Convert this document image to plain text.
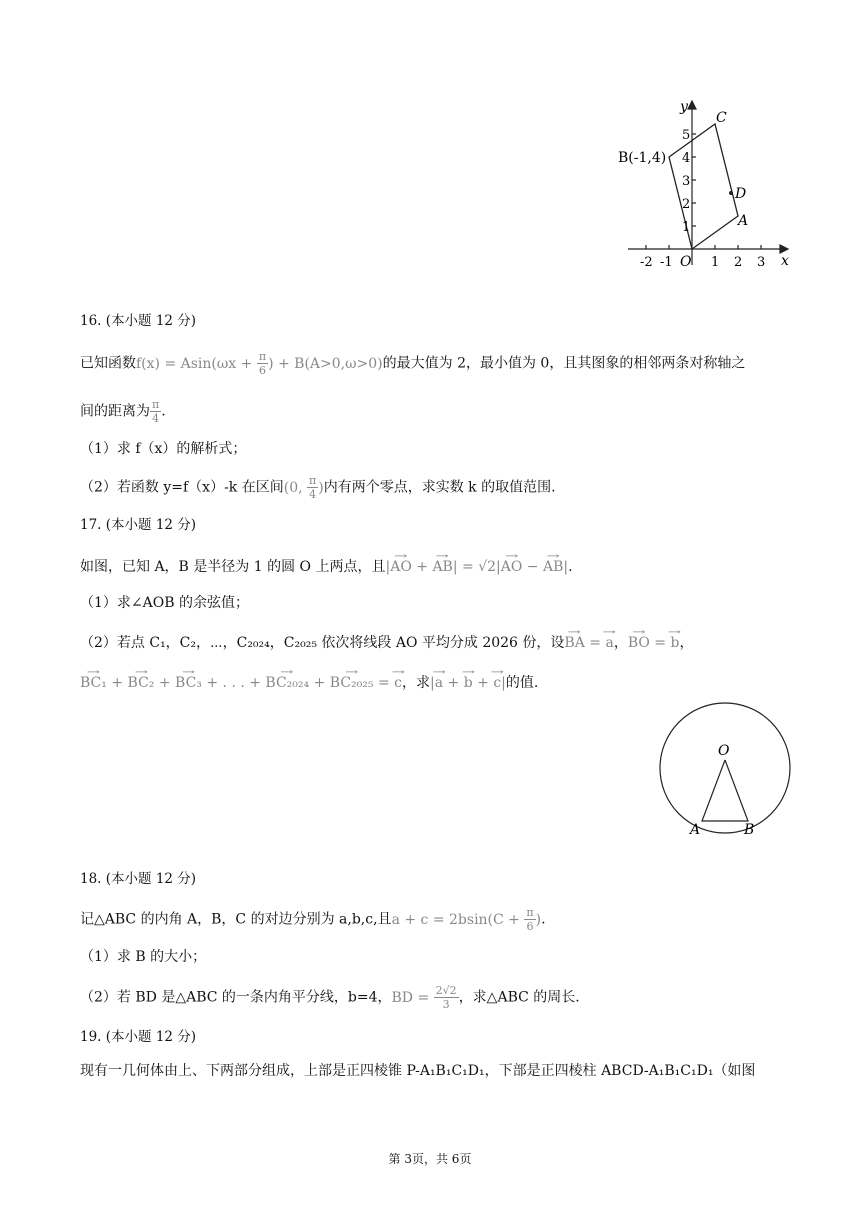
y
x
O
-2 -1	1 2 3
1
2
3
4
5
B(-1,4)
C
D
A
16. (本小题 12 分)
已知函数$f(x) = Asin(\omega x + \frac{\pi}{6}$ ) + B(A>0,ω>0)的最大值为 2，最小值为 0，且其图象的相邻两条对称轴之
间的距离为 $\frac{\pi}{4}$ .
（1）求 f（x）的解析式；
（2）若函数 y=f（x）-k 在区间(0, $\frac{\pi}{4}$ )内有两个零点，求实数 k 的取值范围.
17. (本小题 12 分)
如图，已知 A，B 是半径为 1 的圆 O 上两点，且|→ AO + → AB| = √2|→ AO − → AB|.
（1）求∠AOB 的余弦值；
（2）若点 C₁，C₂，⋯，C₂₀₂₄，C₂₀₂₅ 依次将线段 AO 平均分成 2026 份，设→ BA = → a，→ BO = → b，
→ BC₁ + → BC₂ + → BC₃ + . . . + → BC₂₀₂₄ + → BC₂₀₂₅ = → c，求|→ a + → b + → c|的值.
O
A	B
18. (本小题 12 分)
记△ABC 的内角 A，B，C 的对边分别为 a,b,c,且$a + c = 2bsin(C + \frac{\pi}{6}$ ).
（1）求 B 的大小；
（2）若 BD 是△ABC 的一条内角平分线，b=4，BD = $\frac{2√2}{3}$ ，求△ABC 的周长.
19. (本小题 12 分)
现有一几何体由上、下两部分组成，上部是正四棱锥 P-A₁B₁C₁D₁，下部是正四棱柱 ABCD-A₁B₁C₁D₁（如图
第 3页，共 6页
